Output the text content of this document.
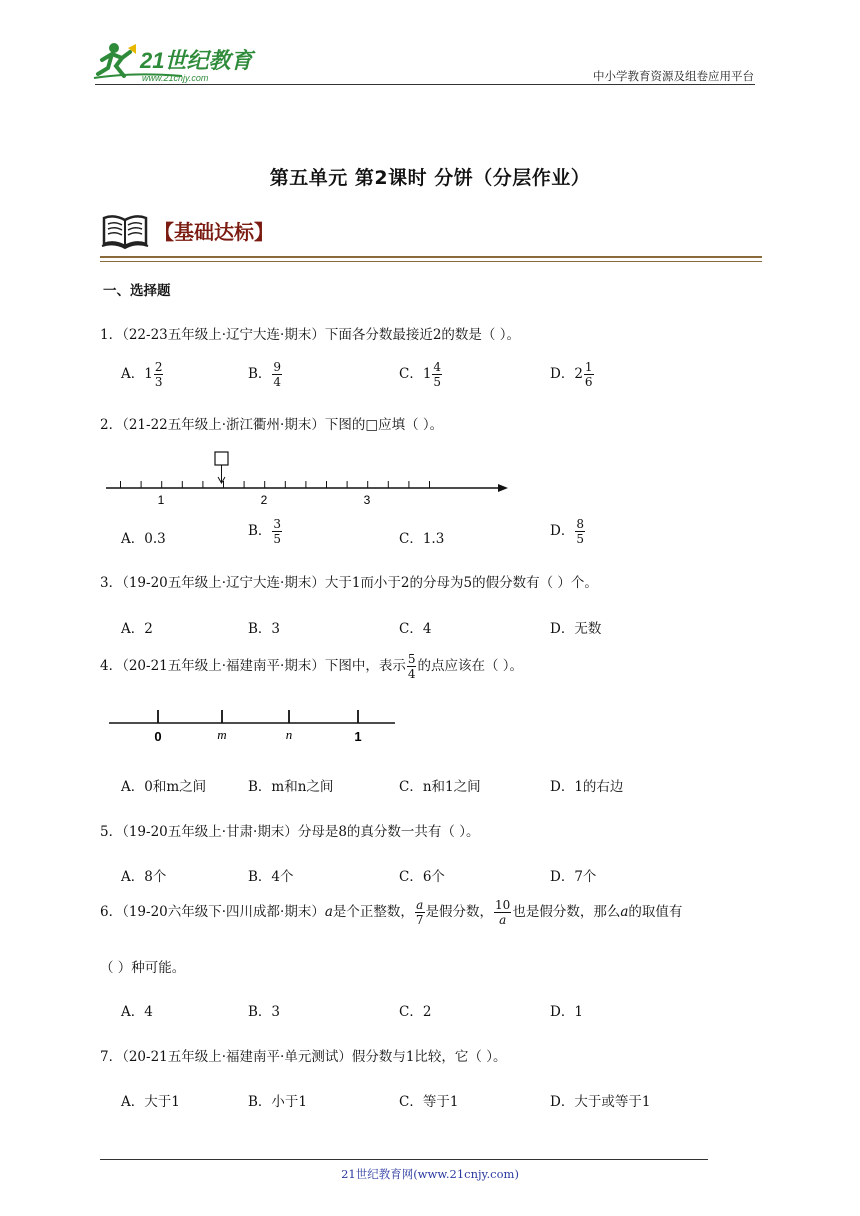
21世纪教育
www.21cnjy.com	中小学教育资源及组卷应用平台
第五单元 第2课时 分饼（分层作业）
【基础达标】
一、选择题
1．（22-23五年级上·辽宁大连·期末）下面各分数最接近2的数是（ ）。
A．$1 \frac{2}{3}$	B． $\frac{9}{4}$	C．$1 \frac{4}{5}$	D．$2 \frac{1}{6}$
2．（21-22五年级上·浙江衢州·期末）下图的□应填（ ）。
1	2	3
A．0.3	B． $\frac{3}{5}$	C．1.3	D． $\frac{8}{5}$
3．（19-20五年级上·辽宁大连·期末）大于1而小于2的分母为5的假分数有（ ）个。
A．2	B．3	C．4	D．无数
4．（20-21五年级上·福建南平·期末）下图中，表示 $\frac{5}{4}$ 的点应该在（ ）。
0	m	n	1
A．0和m之间	B．m和n之间	C．n和1之间	D．1的右边
5．（19-20五年级上·甘肃·期末）分母是8的真分数一共有（ ）。
A．8个	B．4个	C．6个	D．7个
6．（19-20六年级下·四川成都·期末）a是个正整数， $\frac{a}{7}$ 是假分数， $\frac{10}{a}$ 也是假分数，那么a的取值有
（ ）种可能。
A．4	B．3	C．2	D．1
7．（20-21五年级上·福建南平·单元测试）假分数与1比较，它（ ）。
A．大于1	B．小于1	C．等于1	D．大于或等于1
21世纪教育网(www.21cnjy.com)
